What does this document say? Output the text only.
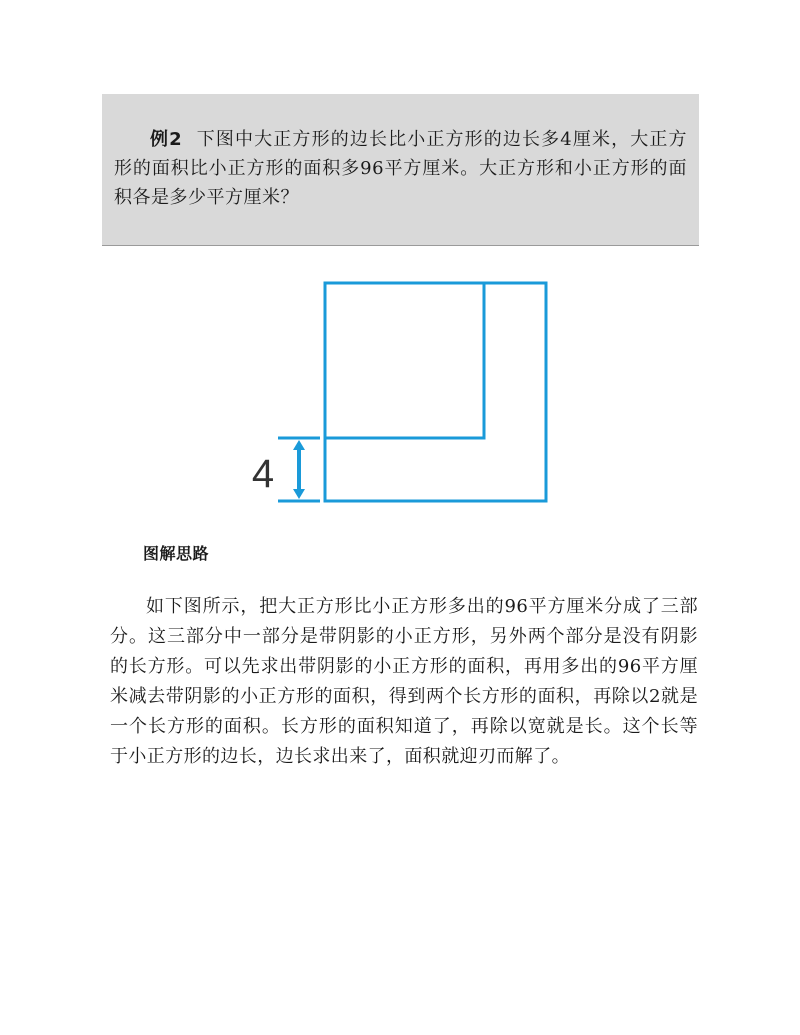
例2 下图中大正方形的边长比小正方形的边长多4厘米，大正方形的面积比小正方形的面积多96平方厘米。大正方形和小正方形的面积各是多少平方厘米？

4
图解思路

如下图所示，把大正方形比小正方形多出的96平方厘米分成了三部分。这三部分中一部分是带阴影的小正方形，另外两个部分是没有阴影的长方形。可以先求出带阴影的小正方形的面积，再用多出的96平方厘米减去带阴影的小正方形的面积，得到两个长方形的面积，再除以2就是一个长方形的面积。长方形的面积知道了，再除以宽就是长。这个长等于小正方形的边长，边长求出来了，面积就迎刃而解了。
